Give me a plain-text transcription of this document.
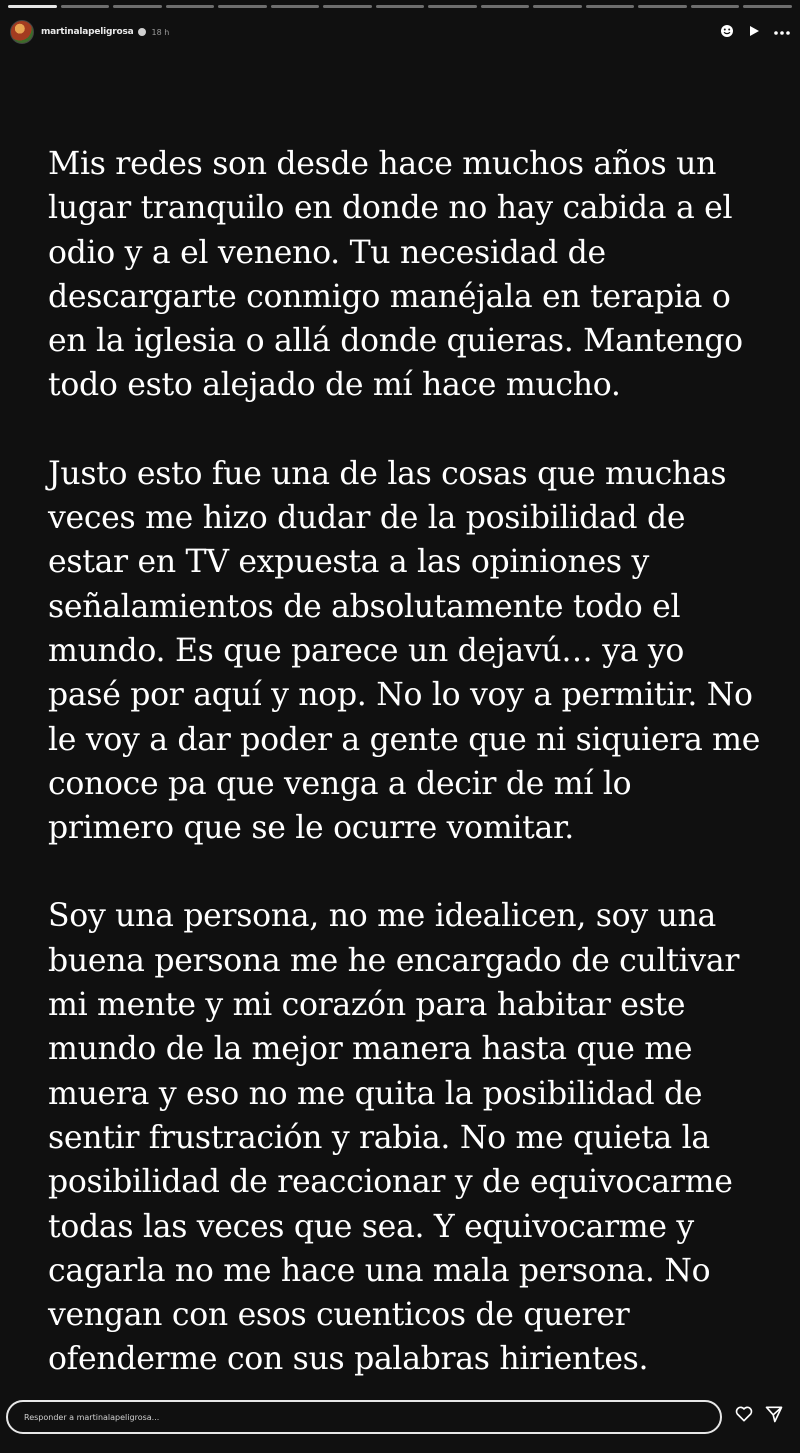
martinalapeligrosa 18 h

Mis redes son desde hace muchos años un lugar tranquilo en donde no hay cabida a el odio y a el veneno. Tu necesidad de descargarte conmigo manéjala en terapia o en la iglesia o allá donde quieras. Mantengo todo esto alejado de mí hace mucho.

Justo esto fue una de las cosas que muchas veces me hizo dudar de la posibilidad de estar en TV expuesta a las opiniones y señalamientos de absolutamente todo el mundo. Es que parece un dejavú… ya yo pasé por aquí y nop. No lo voy a permitir. No le voy a dar poder a gente que ni siquiera me conoce pa que venga a decir de mí lo primero que se le ocurre vomitar.

Soy una persona, no me idealicen, soy una buena persona me he encargado de cultivar mi mente y mi corazón para habitar este mundo de la mejor manera hasta que me muera y eso no me quita la posibilidad de sentir frustración y rabia. No me quieta la posibilidad de reaccionar y de equivocarme todas las veces que sea. Y equivocarme y cagarla no me hace una mala persona. No vengan con esos cuenticos de querer ofenderme con sus palabras hirientes.

Responder a martinalapeligrosa...
